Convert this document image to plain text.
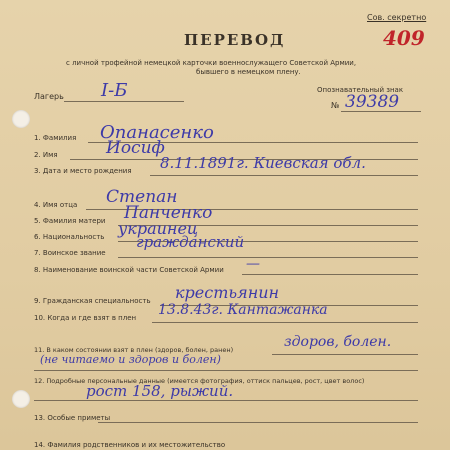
Сов. секретно
409
ПЕРЕВОД
с личной трофейной немецкой карточки военнослужащего Советской Армии,
бывшего в немецком плену.
Лагерь I-Б	Опознавательный знак
№ 39389
1. Фамилия Опанасенко
2. Имя	Иосиф
3. Дата и место рождения 8.11.1891г. Киевская обл.
4. Имя отца Степан
5. Фамилия матери Панченко
6. Национальность украинец
7. Воинское звание
гражданский
8. Наименование воинской части Советской Армии —
9. Гражданская специальность крестьянин
10. Когда и где взят в плен 13.8.43г. Кантажанка
11. В каком состоянии взят в плен (здоров, болен, ранен)	здоров, болен.
(не читаемо и здоров и болен)
12. Подробные персональные данные (имеется фотография, оттиск пальцев, рост, цвет волос)
рост 158, рыжий.
13. Особые приметы
14. Фамилия родственников и их местожительство
